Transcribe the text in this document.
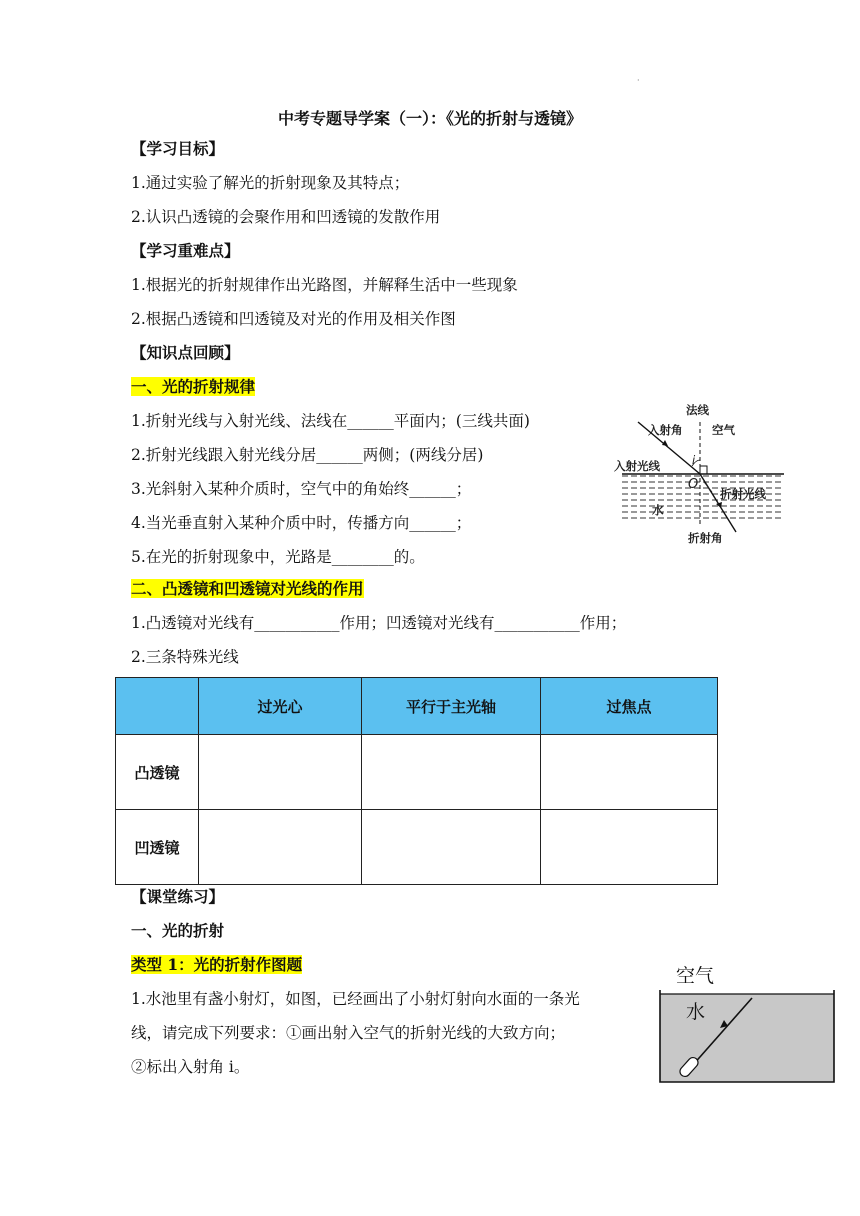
·
中考专题导学案（一）：《光的折射与透镜》
【学习目标】
1.通过实验了解光的折射现象及其特点；
2.认识凸透镜的会聚作用和凹透镜的发散作用
【学习重难点】
1.根据光的折射规律作出光路图，并解释生活中一些现象
2.根据凸透镜和凹透镜及对光的作用及相关作图
【知识点回顾】
一、光的折射规律
1.折射光线与入射光线、法线在______平面内；(三线共面)
2.折射光线跟入射光线分居______两侧；(两线分居)
3.光斜射入某种介质时，空气中的角始终______；
4.当光垂直射入某种介质中时，传播方向______；
5.在光的折射现象中，光路是________的。
法线
入射角	空气
入射光线	i
O
折射光线
水
折射角
二、凸透镜和凹透镜对光线的作用
1.凸透镜对光线有___________作用；凹透镜对光线有___________作用；
2.三条特殊光线
	过光心	平行于主光轴	过焦点
凸透镜			
凹透镜			
【课堂练习】
一、光的折射
类型 1：光的折射作图题
1.水池里有盏小射灯，如图，已经画出了小射灯射向水面的一条光
线，请完成下列要求：①画出射入空气的折射光线的大致方向；
②标出入射角 i。
空气
水
